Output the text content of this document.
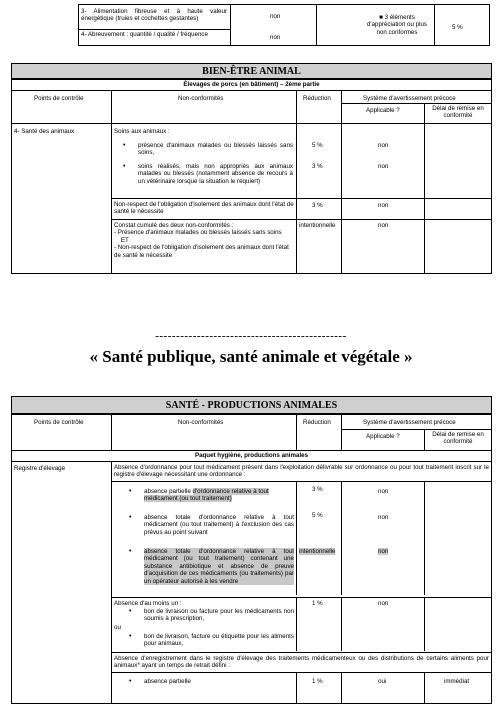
3- Alimentation fibreuse et à haute valeur énergétique (truies et cochettes gestantes)	non
4- Abreuvement : quantité / qualité / fréquence	non
■ 3 éléments d'appréciation ou plus non conformes
5 %
BIEN-ÊTRE ANIMAL
Élevages de porcs (en bâtiment) – 2ème partie
Points de contrôle	Non-conformités	Réduction	Système d'avertissement précoce
Applicable ?	Délai de remise en conformité
4- Santé des animaux	Soins aux animaux :
• présence d'animaux malades ou blessés laissés sans soins,
5 %	non
• soins réalisés, mais non appropriés aux animaux malades ou blessés (notamment absence de recours à un vétérinaire lorsque la situation le requiert)
3 %	non
Non-respect de l'obligation d'isolement des animaux dont l'état de santé le nécessite
3 %	non
Constat cumulé des deux non-conformités :
- Présence d'animaux malades ou blessés laissés sans soins
ET
- Non-respect de l'obligation d'isolement des animaux dont l'état de santé le nécessite
intentionnelle	non
----------------------------------------------
« Santé publique, santé animale et végétale »
SANTÉ - PRODUCTIONS ANIMALES
Points de contrôle	Non-conformités	Réduction	Système d'avertissement précoce
Applicable ?	Délai de remise en conformité
Paquet hygiène, productions animales
Registre d'élevage	Absence d'ordonnance pour tout médicament présent dans l'exploitation délivrable sur ordonnance ou pour tout traitement inscrit sur le registre d'élevage nécessitant une ordonnance :
• absence partielle d'ordonnance relative à tout médicament (ou tout traitement)
3 %	non
• absence totale d'ordonnance relative à tout médicament (ou tout traitement) à l'exclusion des cas prévus au point suivant
5 %	non
• absence totale d'ordonnance relative à tout médicament (ou tout traitement) contenant une substance antibiotique et absence de preuve d'acquisition de ces médicaments (ou traitements) par un opérateur autorisé à les vendre
intentionnelle	non
Absence d'au moins un :
• bon de livraison ou facture pour les médicaments non soumis à prescription,
ou
• bon de livraison, facture ou étiquette pour les aliments pour animaux,
1 %	non
Absence d'enregistrement dans le registre d'élevage des traitements médicamenteux ou des distributions de certains aliments pour animaux* ayant un temps de retrait défini :
• absence partielle	1 %	oui	immédiat
